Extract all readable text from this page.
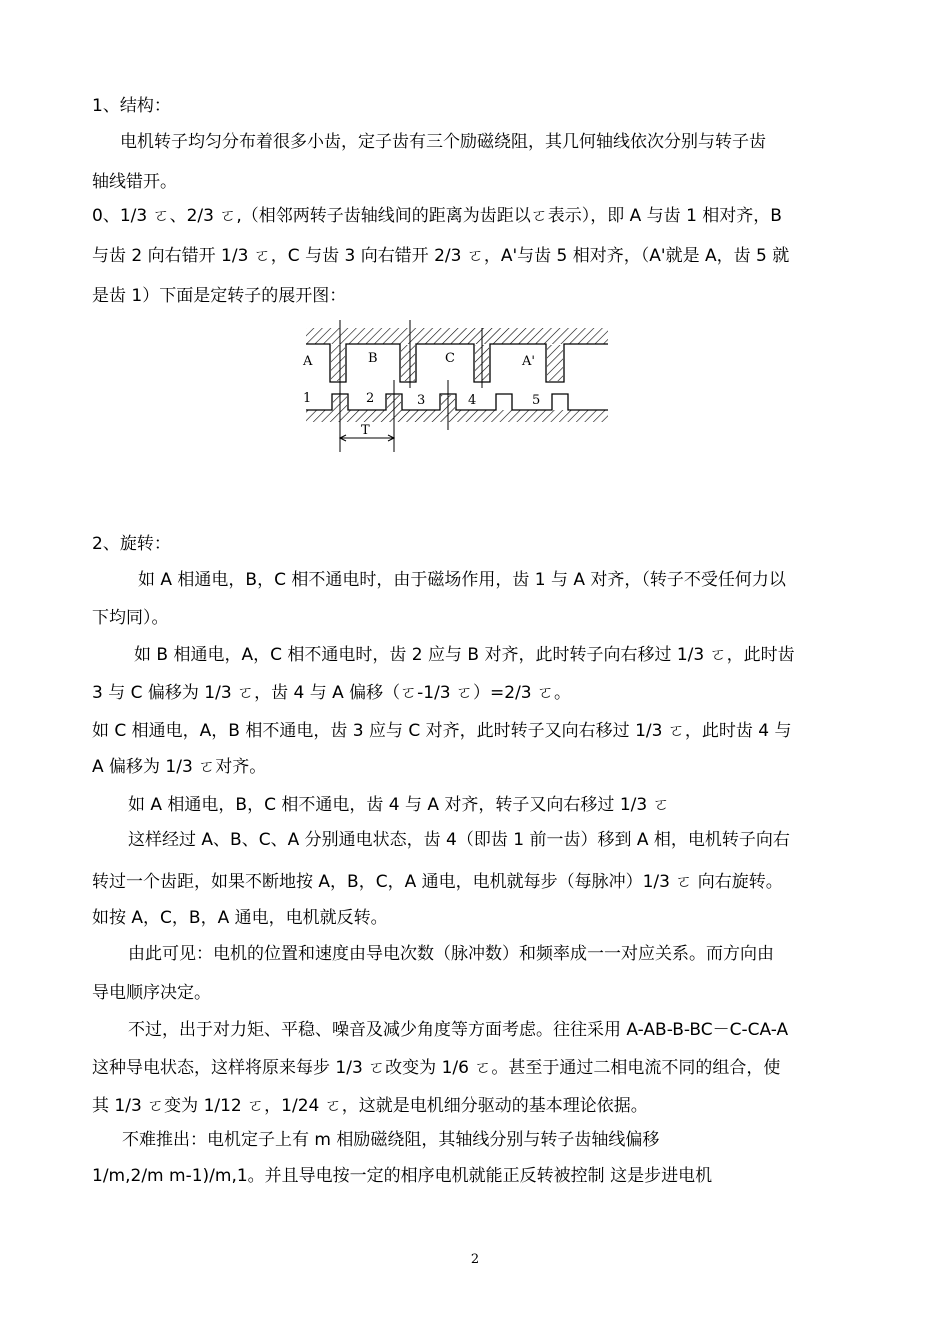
1、结构：
电机转子均匀分布着很多小齿，定子齿有三个励磁绕阻，其几何轴线依次分别与转子齿
轴线错开。
0、1/3 ㄛ、2/3 ㄛ,（相邻两转子齿轴线间的距离为齿距以ㄛ表示），即 A 与齿 1 相对齐，B
与齿 2 向右错开 1/3 ㄛ，C 与齿 3 向右错开 2/3 ㄛ，A'与齿 5 相对齐，（A'就是 A，齿 5 就
是齿 1）下面是定转子的展开图：
A	B	C	A'
1	2	3	4	5
T
2、旋转：
如 A 相通电，B，C 相不通电时，由于磁场作用，齿 1 与 A 对齐，（转子不受任何力以
下均同）。
如 B 相通电，A，C 相不通电时，齿 2 应与 B 对齐，此时转子向右移过 1/3 ㄛ，此时齿
3 与 C 偏移为 1/3 ㄛ，齿 4 与 A 偏移（ㄛ-1/3 ㄛ）=2/3 ㄛ。
如 C 相通电，A，B 相不通电，齿 3 应与 C 对齐，此时转子又向右移过 1/3 ㄛ，此时齿 4 与
A 偏移为 1/3 ㄛ对齐。
如 A 相通电，B，C 相不通电，齿 4 与 A 对齐，转子又向右移过 1/3 ㄛ
这样经过 A、B、C、A 分别通电状态，齿 4（即齿 1 前一齿）移到 A 相，电机转子向右
转过一个齿距，如果不断地按 A，B，C，A 通电，电机就每步（每脉冲）1/3 ㄛ 向右旋转。
如按 A，C，B，A 通电，电机就反转。
由此可见：电机的位置和速度由导电次数（脉冲数）和频率成一一对应关系。而方向由
导电顺序决定。
不过，出于对力矩、平稳、噪音及减少角度等方面考虑。往往采用 A-AB-B-BC－C-CA-A
这种导电状态，这样将原来每步 1/3 ㄛ改变为 1/6 ㄛ。甚至于通过二相电流不同的组合，使
其 1/3 ㄛ变为 1/12 ㄛ，1/24 ㄛ，这就是电机细分驱动的基本理论依据。
不难推出：电机定子上有 m 相励磁绕阻，其轴线分别与转子齿轴线偏移
1/m,2/m m-1)/m,1。并且导电按一定的相序电机就能正反转被控制 这是步进电机
2
